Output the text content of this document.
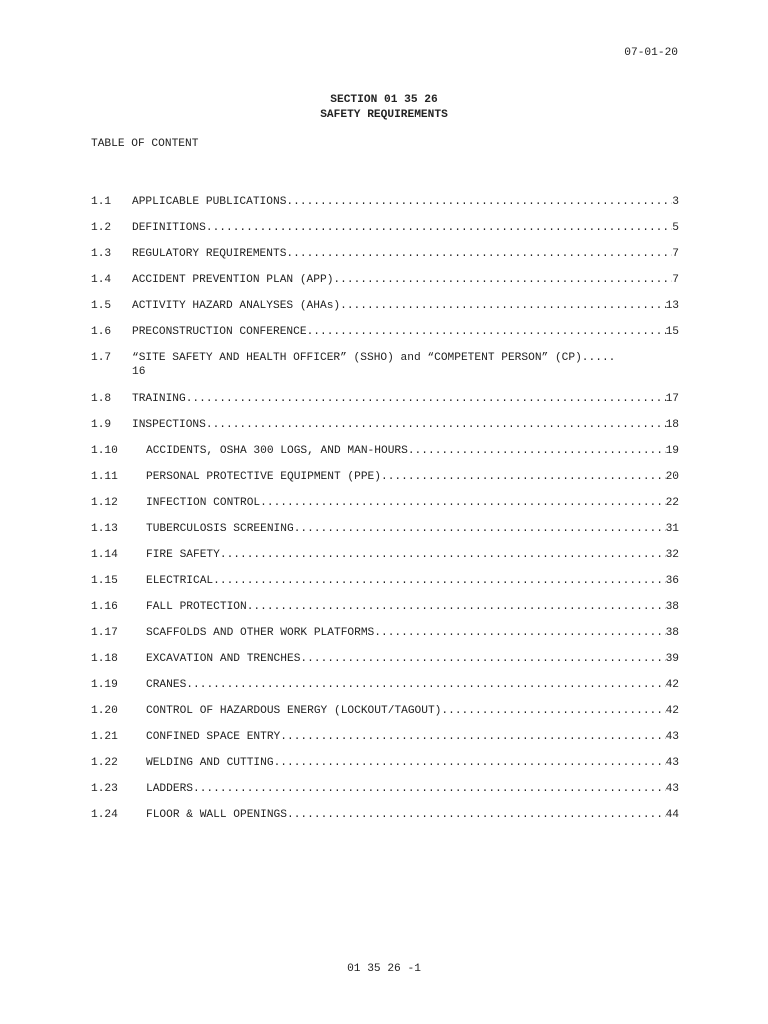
07-01-20
SECTION 01 35 26
SAFETY REQUIREMENTS
TABLE OF CONTENT
1.1 APPLICABLE PUBLICATIONS .....	3
1.2 DEFINITIONS .....	5
1.3 REGULATORY REQUIREMENTS .....	7
1.4 ACCIDENT PREVENTION PLAN (APP) .....	7
1.5 ACTIVITY HAZARD ANALYSES (AHAs) .....	13
1.6 PRECONSTRUCTION CONFERENCE .....	15
1.7 “SITE SAFETY AND HEALTH OFFICER” (SSHO) and “COMPETENT PERSON” (CP).....
16
1.8 TRAINING .....	17
1.9 INSPECTIONS .....	18
1.10	ACCIDENTS, OSHA 300 LOGS, AND MAN-HOURS .....	19
1.11	PERSONAL PROTECTIVE EQUIPMENT (PPE) .....	20
1.12	INFECTION CONTROL .....	22
1.13	TUBERCULOSIS SCREENING .....	31
1.14	FIRE SAFETY .....	32
1.15	ELECTRICAL .....	36
1.16	FALL PROTECTION .....	38
1.17	SCAFFOLDS AND OTHER WORK PLATFORMS .....	38
1.18	EXCAVATION AND TRENCHES .....	39
1.19	CRANES .....	42
1.20	CONTROL OF HAZARDOUS ENERGY (LOCKOUT/TAGOUT) .....	42
1.21	CONFINED SPACE ENTRY .....	43
1.22	WELDING AND CUTTING .....	43
1.23	LADDERS .....	43
1.24	FLOOR & WALL OPENINGS .....	44
01 35 26 -1
